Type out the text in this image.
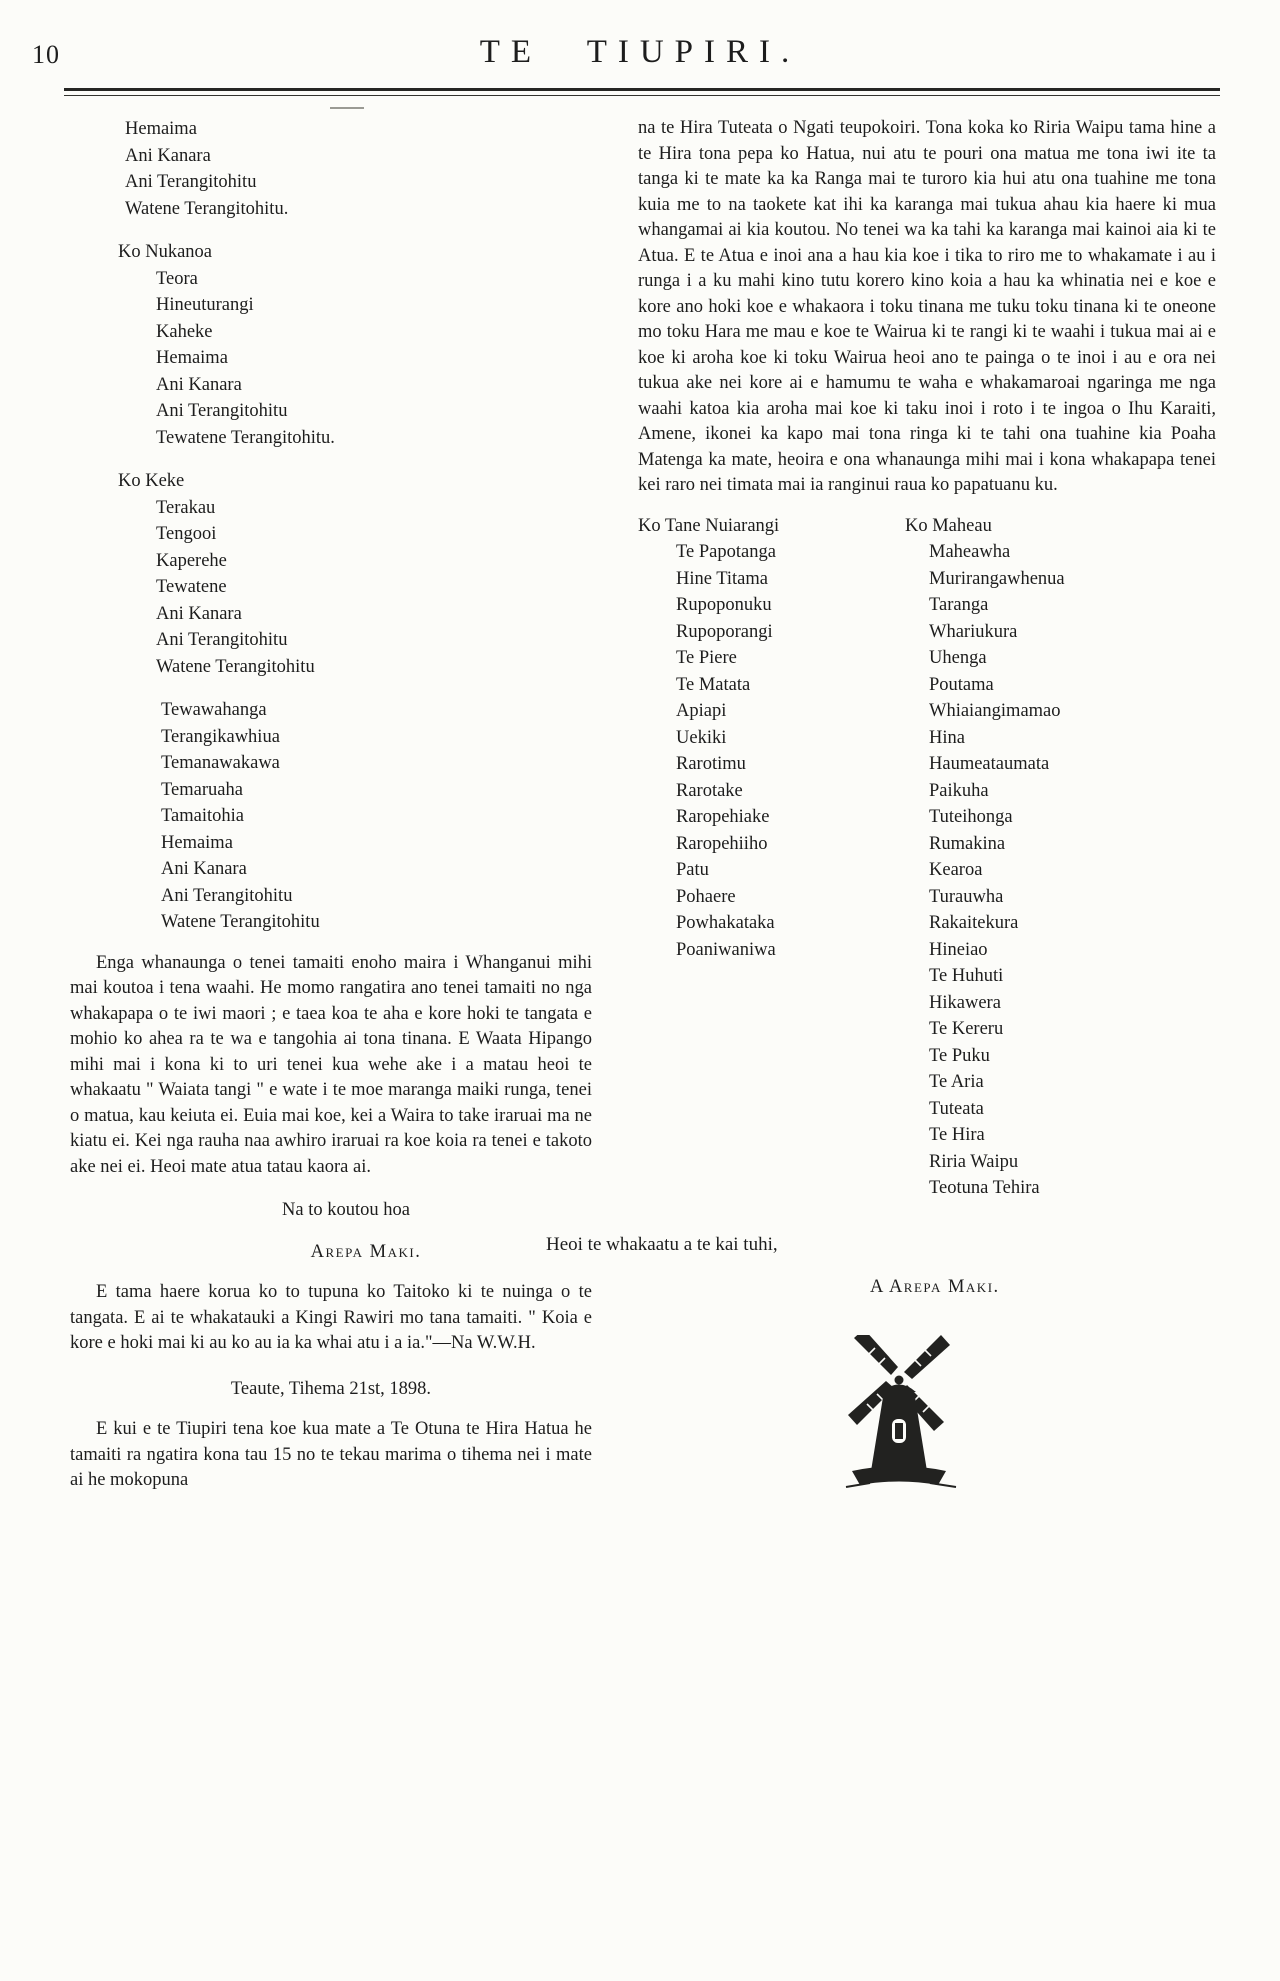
10	TE TIUPIRI.
Hemaima
Ani Kanara
Ani Terangitohitu
Watene Terangitohitu.
Ko Nukanoa
Teora
Hineuturangi
Kaheke
Hemaima
Ani Kanara
Ani Terangitohitu
Tewatene Terangitohitu.
Ko Keke
Terakau
Tengooi
Kaperehe
Tewatene
Ani Kanara
Ani Terangitohitu
Watene Terangitohitu
Tewawahanga
Terangikawhiua
Temanawakawa
Temaruaha
Tamaitohia
Hemaima
Ani Kanara
Ani Terangitohitu
Watene Terangitohitu

Enga whanaunga o tenei tamaiti enoho maira i Whanganui mihi mai koutoa i tena waahi. He momo rangatira ano tenei tamaiti no nga whakapapa o te iwi maori ; e taea koa te aha e kore hoki te tangata e mohio ko ahea ra te wa e tangohia ai tona tinana. E Waata Hipango mihi mai i kona ki to uri tenei kua wehe ake i a matau heoi te whakaatu " Waiata tangi " e wate i te moe maranga maiki runga, tenei o matua, kau keiuta ei. Euia mai koe, kei a Waira to take iraruai ma ne kiatu ei. Kei nga rauha naa awhiro iraruai ra koe koia ra tenei e takoto ake nei ei. Heoi mate atua tatau kaora ai.

Na to koutou hoa
Arepa Maki.

E tama haere korua ko to tupuna ko Taitoko ki te nuinga o te tangata. E ai te whakatauki a Kingi Rawiri mo tana tamaiti. " Koia e kore e hoki mai ki au ko au ia ka whai atu i a ia."—Na W.W.H.

Teaute, Tihema 21st, 1898.

E kui e te Tiupiri tena koe kua mate a Te Otuna te Hira Hatua he tamaiti ra ngatira kona tau 15 no te tekau marima o tihema nei i mate ai he mokopuna

na te Hira Tuteata o Ngati teupokoiri. Tona koka ko Riria Waipu tama hine a te Hira tona pepa ko Hatua, nui atu te pouri ona matua me tona iwi ite ta tanga ki te mate ka ka Ranga mai te turoro kia hui atu ona tuahine me tona kuia me to na taokete kat ihi ka karanga mai tukua ahau kia haere ki mua whangamai ai kia koutou. No tenei wa ka tahi ka karanga mai kainoi aia ki te Atua. E te Atua e inoi ana a hau kia koe i tika to riro me to whakamate i au i runga i a ku mahi kino tutu korero kino koia a hau ka whinatia nei e koe e kore ano hoki koe e whakaora i toku tinana me tuku toku tinana ki te oneone mo toku Hara me mau e koe te Wairua ki te rangi ki te waahi i tukua mai ai e koe ki aroha koe ki toku Wairua heoi ano te painga o te inoi i au e ora nei tukua ake nei kore ai e hamumu te waha e whakamaroai ngaringa me nga waahi katoa kia aroha mai koe ki taku inoi i roto i te ingoa o Ihu Karaiti, Amene, ikonei ka kapo mai tona ringa ki te tahi ona tuahine kia Poaha Matenga ka mate, heoira e ona whanaunga mihi mai i kona whakapapa tenei kei raro nei timata mai ia ranginui raua ko papatuanu ku.

Ko Tane Nuiarangi
Te Papotanga
Hine Titama
Rupoponuku
Rupoporangi
Te Piere
Te Matata
Apiapi
Uekiki
Rarotimu
Rarotake
Raropehiake
Raropehiiho
Patu
Pohaere
Powhakataka
Poaniwaniwa
Ko Maheau
Maheawha
Murirangawhenua
Taranga
Whariukura
Uhenga
Poutama
Whiaiangimamao
Hina
Haumeataumata
Paikuha
Tuteihonga
Rumakina
Kearoa
Turauwha
Rakaitekura
Hineiao
Te Huhuti
Hikawera
Te Kereru
Te Puku
Te Aria
Tuteata
Te Hira
Riria Waipu
Teotuna Tehira
Heoi te whakaatu a te kai tuhi,
A Arepa Maki.
